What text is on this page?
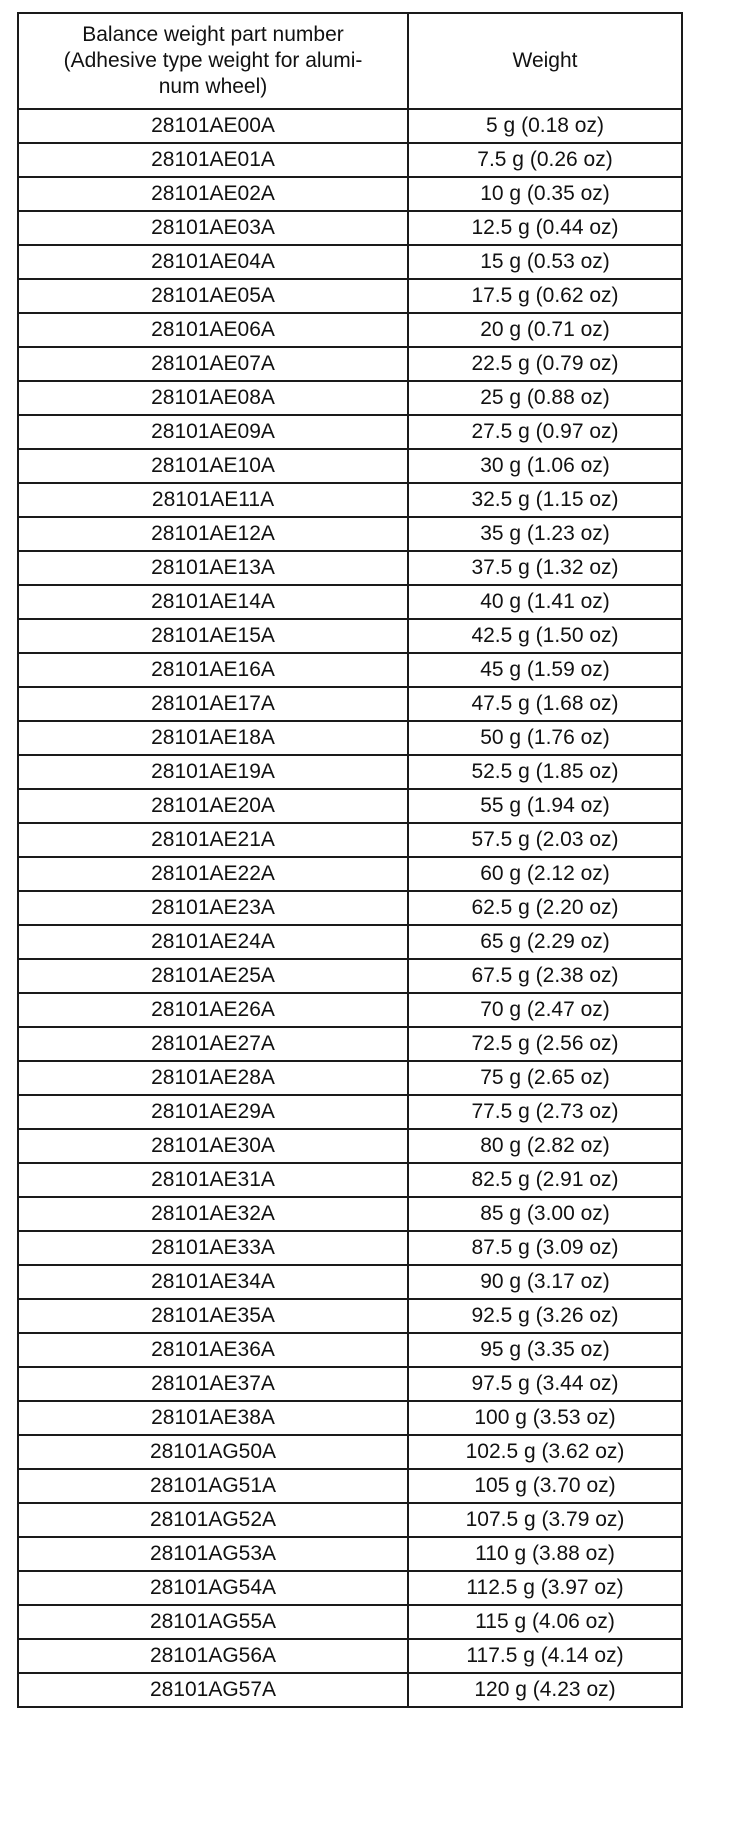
Balance weight part number
(Adhesive type weight for alumi-
num wheel)	Weight
28101AE00A	5 g (0.18 oz)
28101AE01A	7.5 g (0.26 oz)
28101AE02A	10 g (0.35 oz)
28101AE03A	12.5 g (0.44 oz)
28101AE04A	15 g (0.53 oz)
28101AE05A	17.5 g (0.62 oz)
28101AE06A	20 g (0.71 oz)
28101AE07A	22.5 g (0.79 oz)
28101AE08A	25 g (0.88 oz)
28101AE09A	27.5 g (0.97 oz)
28101AE10A	30 g (1.06 oz)
28101AE11A	32.5 g (1.15 oz)
28101AE12A	35 g (1.23 oz)
28101AE13A	37.5 g (1.32 oz)
28101AE14A	40 g (1.41 oz)
28101AE15A	42.5 g (1.50 oz)
28101AE16A	45 g (1.59 oz)
28101AE17A	47.5 g (1.68 oz)
28101AE18A	50 g (1.76 oz)
28101AE19A	52.5 g (1.85 oz)
28101AE20A	55 g (1.94 oz)
28101AE21A	57.5 g (2.03 oz)
28101AE22A	60 g (2.12 oz)
28101AE23A	62.5 g (2.20 oz)
28101AE24A	65 g (2.29 oz)
28101AE25A	67.5 g (2.38 oz)
28101AE26A	70 g (2.47 oz)
28101AE27A	72.5 g (2.56 oz)
28101AE28A	75 g (2.65 oz)
28101AE29A	77.5 g (2.73 oz)
28101AE30A	80 g (2.82 oz)
28101AE31A	82.5 g (2.91 oz)
28101AE32A	85 g (3.00 oz)
28101AE33A	87.5 g (3.09 oz)
28101AE34A	90 g (3.17 oz)
28101AE35A	92.5 g (3.26 oz)
28101AE36A	95 g (3.35 oz)
28101AE37A	97.5 g (3.44 oz)
28101AE38A	100 g (3.53 oz)
28101AG50A	102.5 g (3.62 oz)
28101AG51A	105 g (3.70 oz)
28101AG52A	107.5 g (3.79 oz)
28101AG53A	110 g (3.88 oz)
28101AG54A	112.5 g (3.97 oz)
28101AG55A	115 g (4.06 oz)
28101AG56A	117.5 g (4.14 oz)
28101AG57A	120 g (4.23 oz)
